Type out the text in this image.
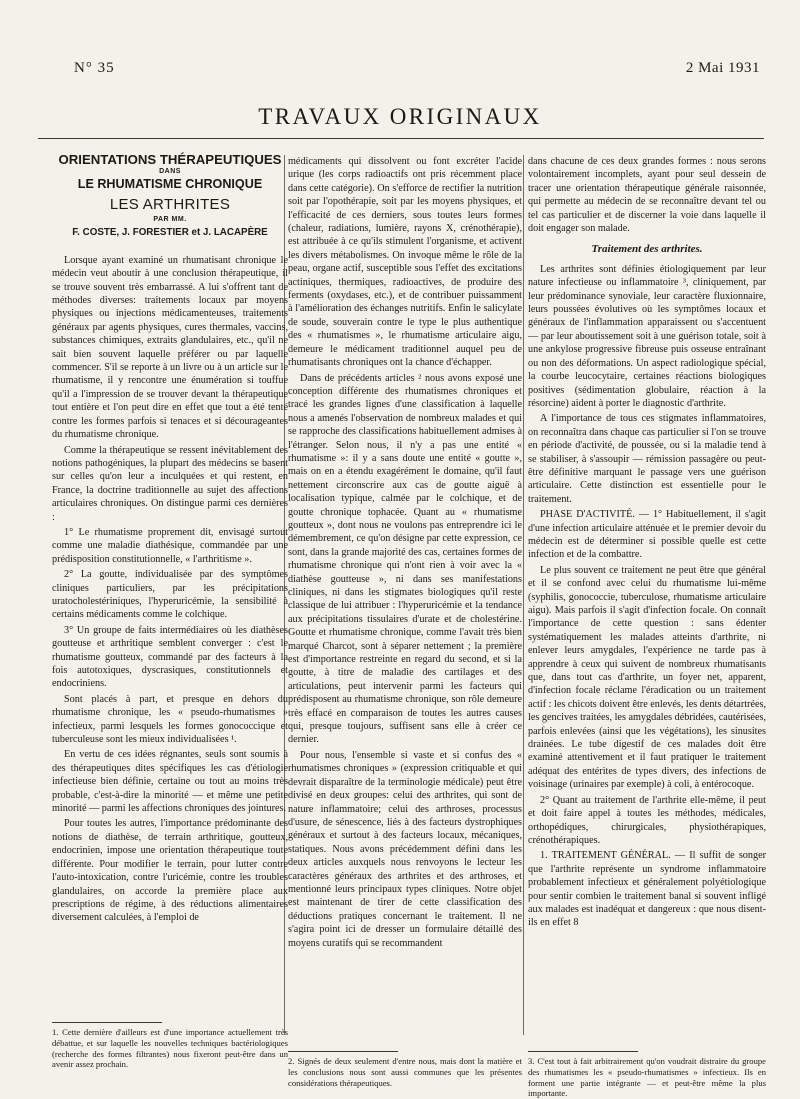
N° 35	2 Mai 1931
TRAVAUX ORIGINAUX
ORIENTATIONS THÉRAPEUTIQUES
DANS
LE RHUMATISME CHRONIQUE
LES ARTHRITES
PAR MM.
F. COSTE, J. FORESTIER et J. LACAPÈRE

Lorsque ayant examiné un rhumatisant chronique le médecin veut aboutir à une conclusion thérapeutique, il se trouve souvent très embarrassé. A lui s'offrent tant de méthodes diverses: traitements locaux par moyens physiques ou injections médicamenteuses, traitements généraux par agents physiques, cures thermales, vaccins, substances chimiques, extraits glandulaires, etc., qu'il ne sait bien souvent laquelle préférer ou par laquelle commencer. S'il se reporte à un livre ou à un article sur le rhumatisme, il y rencontre une énumération si touffue qu'il a l'impression de se trouver devant la thérapeutique tout entière et l'on peut dire en effet que tout a été tenté contre les formes parfois si tenaces et si décourageantes du rhumatisme chronique.

Comme la thérapeutique se ressent inévitablement des notions pathogéniques, la plupart des médecins se basent sur celles qu'on leur a inculquées et qui restent, en France, la doctrine traditionnelle au sujet des affections articulaires chroniques. On distingue parmi ces dernières :

1° Le rhumatisme proprement dit, envisagé surtout comme une maladie diathésique, commandée par une prédisposition constitutionnelle, « l'arthritisme ».

2° La goutte, individualisée par des symptômes cliniques particuliers, par les précipitations uratocholestériniques, l'hyperuricémie, la sensibilité à certains médicaments comme le colchique.

3° Un groupe de faits intermédiaires où les diathèses goutteuse et arthritique semblent converger : c'est le rhumatisme goutteux, commandé par des facteurs à la fois autotoxiques, dyscrasiques, constitutionnels et endocriniens.

Sont placés à part, et presque en dehors du rhumatisme chronique, les « pseudo-rhumatismes » infectieux, parmi lesquels les formes gonococcique et tuberculeuse sont les mieux individualisées ¹.

En vertu de ces idées régnantes, seuls sont soumis à des thérapeutiques dites spécifiques les cas d'étiologie infectieuse bien définie, certaine ou tout au moins très probable, c'est-à-dire la minorité — et même une petite minorité — parmi les affections chroniques des jointures.

Pour toutes les autres, l'importance prédominante des notions de diathèse, de terrain arthritique, goutteux, endocrinien, impose une orientation thérapeutique toute différente. Pour modifier le terrain, pour lutter contre l'auto-intoxication, contre l'uricémie, contre les troubles glandulaires, on accorde la première place aux prescriptions de régime, à des réductions alimentaires diversement calculées, à l'emploi de

médicaments qui dissolvent ou font excréter l'acide urique (les corps radioactifs ont pris récemment place dans cette catégorie). On s'efforce de rectifier la nutrition soit par l'opothérapie, soit par les moyens physiques, et l'efficacité de ces derniers, sous toutes leurs formes (chaleur, radiations, lumière, rayons X, crénothérapie), est attribuée à ce qu'ils stimulent l'organisme, et activent les divers métabolismes. On invoque même le rôle de la peau, organe actif, susceptible sous l'effet des excitations actiniques, thermiques, radioactives, de produire des ferments (oxydases, etc.), et de contribuer puissamment à l'amélioration des échanges nutritifs. Enfin le salicylate de soude, souverain contre le type le plus authentique des « rhumatismes », le rhumatisme articulaire aigu, demeure le médicament traditionnel auquel peu de rhumatisants chroniques ont la chance d'échapper.

Dans de précédents articles ² nous avons exposé une conception différente des rhumatismes chroniques et tracé les grandes lignes d'une classification à laquelle nous a amenés l'observation de nombreux malades et qui se rapproche des classifications habituellement admises à l'étranger. Selon nous, il n'y a pas une entité « rhumatisme »: il y a sans doute une entité « goutte », mais on en a étendu exagérément le domaine, qu'il faut nettement circonscrire aux cas de goutte aiguë à localisation typique, calmée par le colchique, et de goutte chronique tophacée. Quant au « rhumatisme goutteux », dont nous ne voulons pas entreprendre ici le démembrement, ce qu'on désigne par cette expression, ce sont, dans la grande majorité des cas, certaines formes de rhumatisme chronique qui n'ont rien à voir avec la « diathèse goutteuse », ni dans ses manifestations cliniques, ni dans les stigmates biologiques qu'il reste classique de lui attribuer : l'hyperuricémie et la tendance aux précipitations tissulaires d'urate et de cholestérine. Goutte et rhumatisme chronique, comme l'avait très bien marqué Charcot, sont à séparer nettement ; la première est d'importance restreinte en regard du second, et si la goutte, à titre de maladie des cartilages et des articulations, peut intervenir parmi les facteurs qui prédisposent au rhumatisme chronique, son rôle demeure très effacé en comparaison de toutes les autres causes qui, presque toujours, suffisent sans elle à créer ce dernier.

Pour nous, l'ensemble si vaste et si confus des « rhumatismes chroniques » (expression critiquable et qui devrait disparaître de la terminologie médicale) peut être divisé en deux groupes: celui des arthrites, qui sont de nature inflammatoire; celui des arthroses, processus d'usure, de sénescence, liés à des facteurs dystrophiques généraux et surtout à des facteurs locaux, mécaniques, statiques. Nous avons précédemment défini dans les deux articles auxquels nous renvoyons le lecteur les caractères généraux des arthrites et des arthroses, et mentionné leurs principaux types cliniques. Notre objet est maintenant de tirer de cette classification des déductions pratiques concernant le traitement. Il ne s'agira point ici de dresser un formulaire détaillé des moyens curatifs qui se recommandent

dans chacune de ces deux grandes formes : nous serons volontairement incomplets, ayant pour seul dessein de tracer une orientation thérapeutique générale raisonnée, qui permette au médecin de se reconnaître devant tel ou tel cas particulier et de discerner la voie dans laquelle il doit engager son malade.

Traitement des arthrites.

Les arthrites sont définies étiologiquement par leur nature infectieuse ou inflammatoire ³, cliniquement, par leur prédominance synoviale, leur caractère fluxionnaire, leurs poussées évolutives où les symptômes locaux et généraux de l'inflammation apparaissent ou s'accentuent — par leur aboutissement soit à une guérison totale, soit à une ankylose progressive fibreuse puis osseuse entraînant ou non des déformations. Un aspect radiologique spécial, la courbe leucocytaire, certaines réactions biologiques positives (sédimentation globulaire, réaction à la résorcine) aident à porter le diagnostic d'arthrite.

A l'importance de tous ces stigmates inflammatoires, on reconnaîtra dans chaque cas particulier si l'on se trouve en période d'activité, de poussée, ou si la maladie tend à se stabiliser, à s'assoupir — rémission passagère ou peut-être définitive marquant le passage vers une guérison articulaire. Cette distinction est essentielle pour le traitement.

PHASE D'ACTIVITÉ. — 1° Habituellement, il s'agit d'une infection articulaire atténuée et le premier devoir du médecin est de déterminer si possible quelle est cette infection et de la combattre.

Le plus souvent ce traitement ne peut être que général et il se confond avec celui du rhumatisme lui-même (syphilis, gonococcie, tuberculose, rhumatisme articulaire aigu). Mais parfois il s'agit d'infection focale. On connaît l'importance de cette question : sans édenter systématiquement les malades atteints d'arthrite, ni enlever leurs amygdales, l'expérience ne tarde pas à apprendre à ceux qui suivent de nombreux rhumatisants que, dans tout cas d'arthrite, un foyer net, apparent, d'infection focale réclame l'éradication ou un traitement actif : les chicots doivent être enlevés, les dents détartrées, les gencives traitées, les amygdales débridées, cautérisées, parfois enlevées (ainsi que les végétations), les sinusites drainées. Le tube digestif de ces malades doit être examiné attentivement et il faut pratiquer le traitement adéquat des entérites de types divers, des infections de voisinage (urinaires par exemple) à coli, à entérocoque.

2° Quant au traitement de l'arthrite elle-même, il peut et doit faire appel à toutes les méthodes, médicales, orthopédiques, chirurgicales, physiothérapiques, crénothérapiques.

1. TRAITEMENT GÉNÉRAL. — Il suffit de songer que l'arthrite représente un syndrome inflammatoire probablement infectieux et généralement polyétiologique pour sentir combien le traitement banal si souvent infligé aux malades est inadéquat et dangereux : que nous disent-ils en effet 8

1. Cette dernière d'ailleurs est d'une importance actuellement très débattue, et sur laquelle les nouvelles techniques bactériologiques (recherche des formes filtrantes) nous fixeront peut-être dans un avenir assez prochain.	2. Signés de deux seulement d'entre nous, mais dont la matière et les conclusions nous sont aussi communes que les présentes considérations thérapeutiques.
3. C'est tout à fait arbitrairement qu'on voudrait distraire du groupe des rhumatismes les « pseudo-rhumatismes » infectieux. Ils en forment une partie intégrante — et peut-être même la plus importante.
